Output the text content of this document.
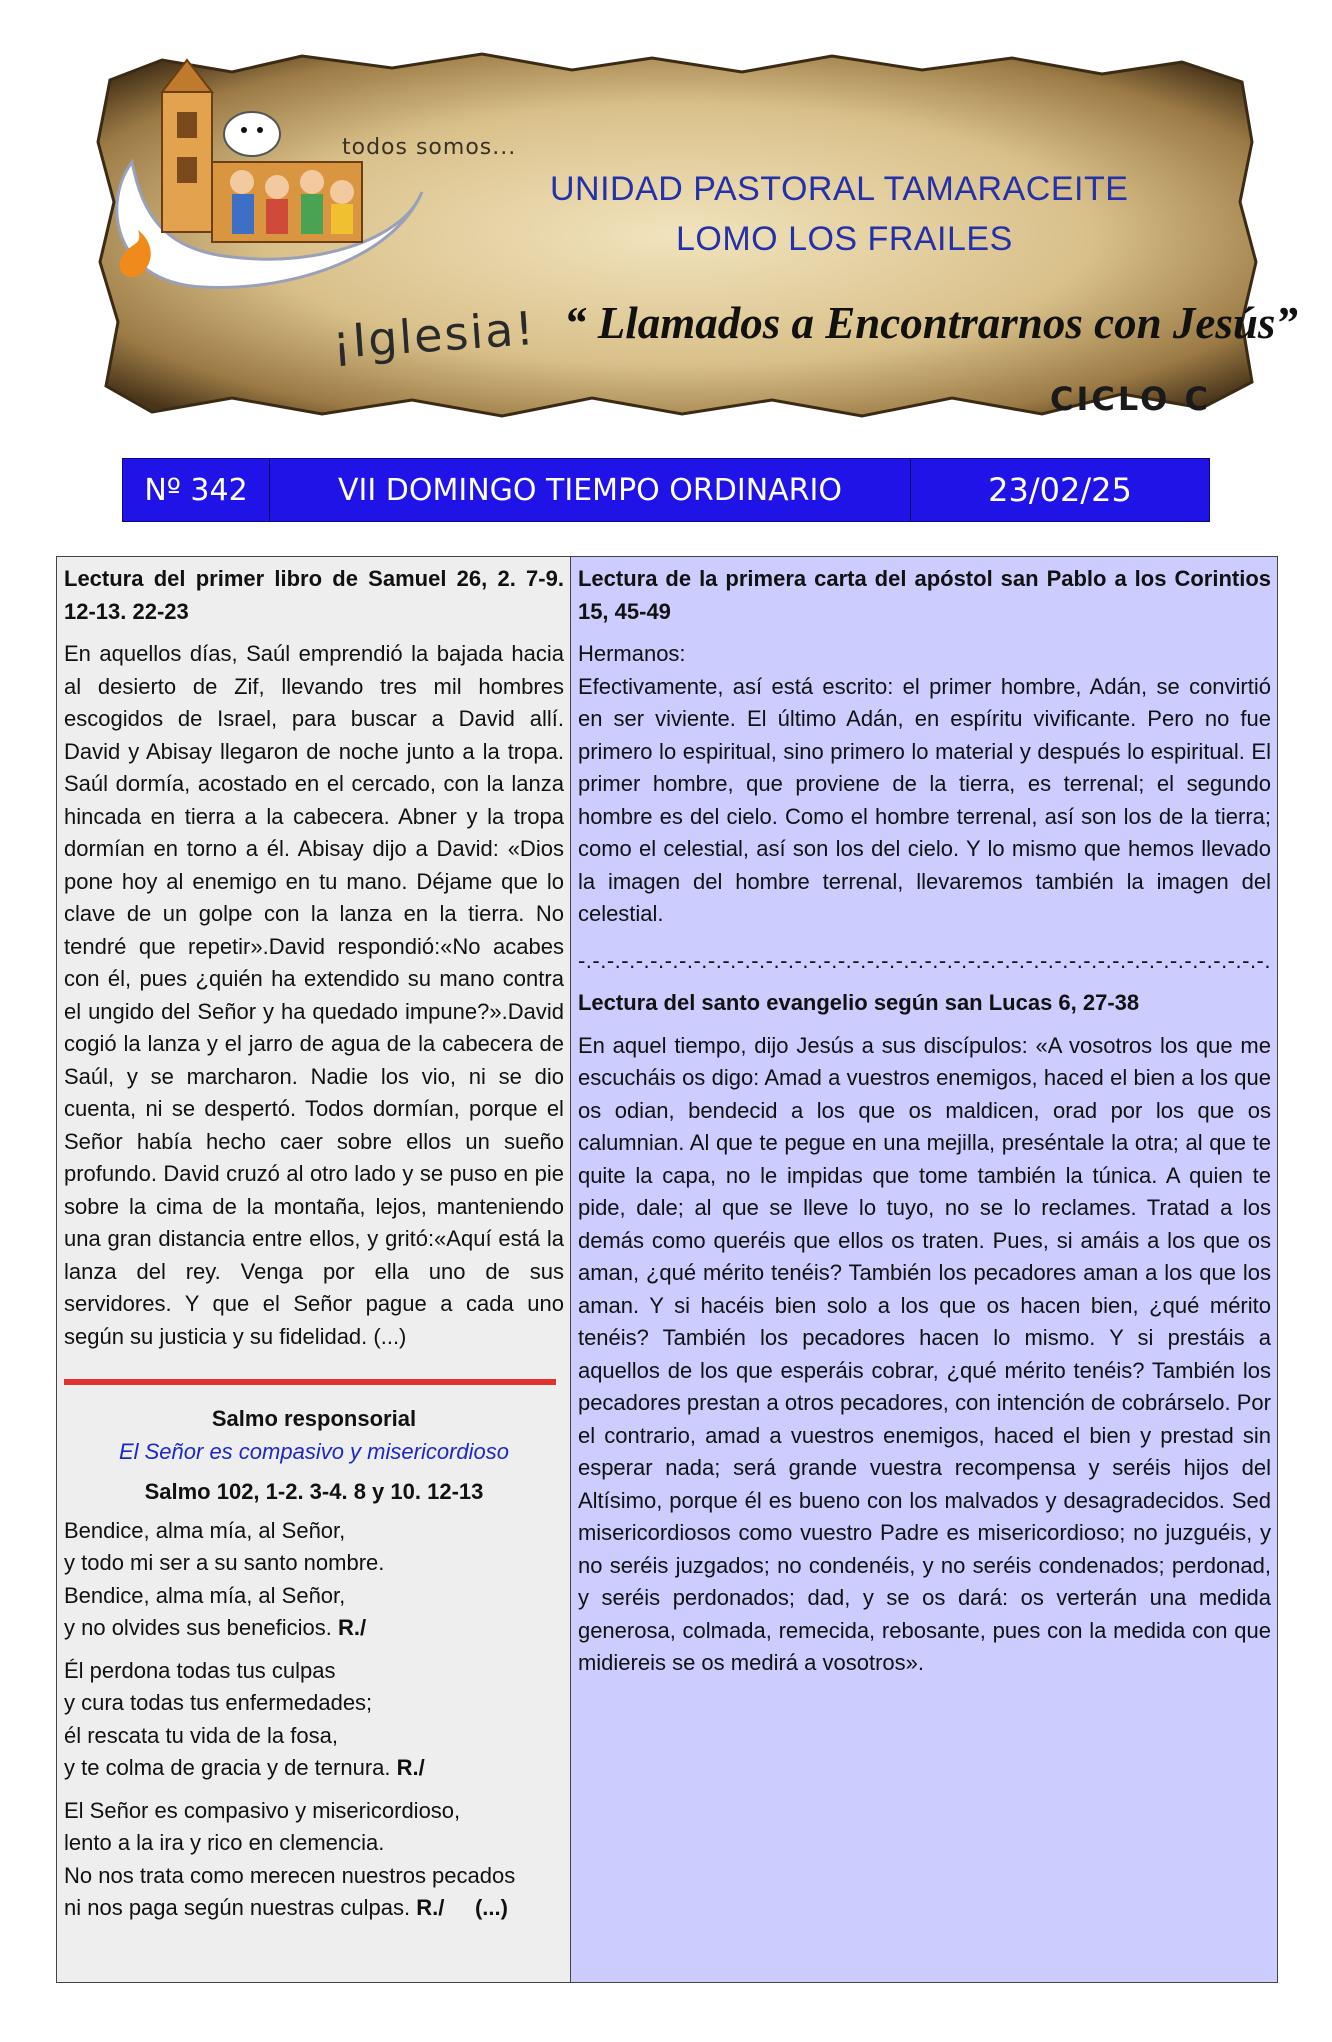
todos somos...
¡Iglesia!
UNIDAD PASTORAL TAMARACEITE
LOMO LOS FRAILES
“ Llamados a Encontrarnos con Jesús”
CICLO C
Nº 342	VII DOMINGO TIEMPO ORDINARIO	23/02/25

Lectura del primer libro de Samuel 26, 2. 7-9. 12-13. 22-23

En aquellos días, Saúl emprendió la bajada hacia al desierto de Zif, llevando tres mil hombres escogidos de Israel, para buscar a David allí. David y Abisay llegaron de noche junto a la tropa. Saúl dormía, acostado en el cercado, con la lanza hincada en tierra a la cabecera. Abner y la tropa dormían en torno a él. Abisay dijo a David: «Dios pone hoy al enemigo en tu mano. Déjame que lo clave de un golpe con la lanza en la tierra. No tendré que repetir».David respondió:«No acabes con él, pues ¿quién ha extendido su mano contra el ungido del Señor y ha quedado impune?».David cogió la lanza y el jarro de agua de la cabecera de Saúl, y se marcharon. Nadie los vio, ni se dio cuenta, ni se despertó. Todos dormían, porque el Señor había hecho caer sobre ellos un sueño profundo. David cruzó al otro lado y se puso en pie sobre la cima de la montaña, lejos, manteniendo una gran distancia entre ellos, y gritó:«Aquí está la lanza del rey. Venga por ella uno de sus servidores. Y que el Señor pague a cada uno según su justicia y su fidelidad. (...)

Salmo responsorial

El Señor es compasivo y misericordioso

Salmo 102, 1-2. 3-4. 8 y 10. 12-13

Bendice, alma mía, al Señor,
y todo mi ser a su santo nombre.
Bendice, alma mía, al Señor,
y no olvides sus beneficios. R./
Él perdona todas tus culpas
y cura todas tus enfermedades;
él rescata tu vida de la fosa,
y te colma de gracia y de ternura. R./
El Señor es compasivo y misericordioso,
lento a la ira y rico en clemencia.
No nos trata como merecen nuestros pecados
ni nos paga según nuestras culpas. R./ (...)

Lectura de la primera carta del apóstol san Pablo a los Corintios 15, 45-49

Hermanos:

Efectivamente, así está escrito: el primer hombre, Adán, se convirtió en ser viviente. El último Adán, en espíritu vivificante. Pero no fue primero lo espiritual, sino primero lo material y después lo espiritual. El primer hombre, que proviene de la tierra, es terrenal; el segundo hombre es del cielo. Como el hombre terrenal, así son los de la tierra; como el celestial, así son los del cielo. Y lo mismo que hemos llevado la imagen del hombre terrenal, llevaremos también la imagen del celestial.

-.-.-.-.-.-.-.-.-.-.-.-.-.-.-.-.-.-.-.-.-.-.-.-.-.-.-.-.-.-.-.-.-.-.-.-.-.-.-.-.-.-.-.-.-.-.-.-.

Lectura del santo evangelio según san Lucas 6, 27-38

En aquel tiempo, dijo Jesús a sus discípulos: «A vosotros los que me escucháis os digo: Amad a vuestros enemigos, haced el bien a los que os odian, bendecid a los que os maldicen, orad por los que os calumnian. Al que te pegue en una mejilla, preséntale la otra; al que te quite la capa, no le impidas que tome también la túnica. A quien te pide, dale; al que se lleve lo tuyo, no se lo reclames. Tratad a los demás como queréis que ellos os traten. Pues, si amáis a los que os aman, ¿qué mérito tenéis? También los pecadores aman a los que los aman. Y si hacéis bien solo a los que os hacen bien, ¿qué mérito tenéis? También los pecadores hacen lo mismo. Y si prestáis a aquellos de los que esperáis cobrar, ¿qué mérito tenéis? También los pecadores prestan a otros pecadores, con intención de cobrárselo. Por el contrario, amad a vuestros enemigos, haced el bien y prestad sin esperar nada; será grande vuestra recompensa y seréis hijos del Altísimo, porque él es bueno con los malvados y desagradecidos. Sed misericordiosos como vuestro Padre es misericordioso; no juzguéis, y no seréis juzgados; no condenéis, y no seréis condenados; perdonad, y seréis perdonados; dad, y se os dará: os verterán una medida generosa, colmada, remecida, rebosante, pues con la medida con que midiereis se os medirá a vosotros».
